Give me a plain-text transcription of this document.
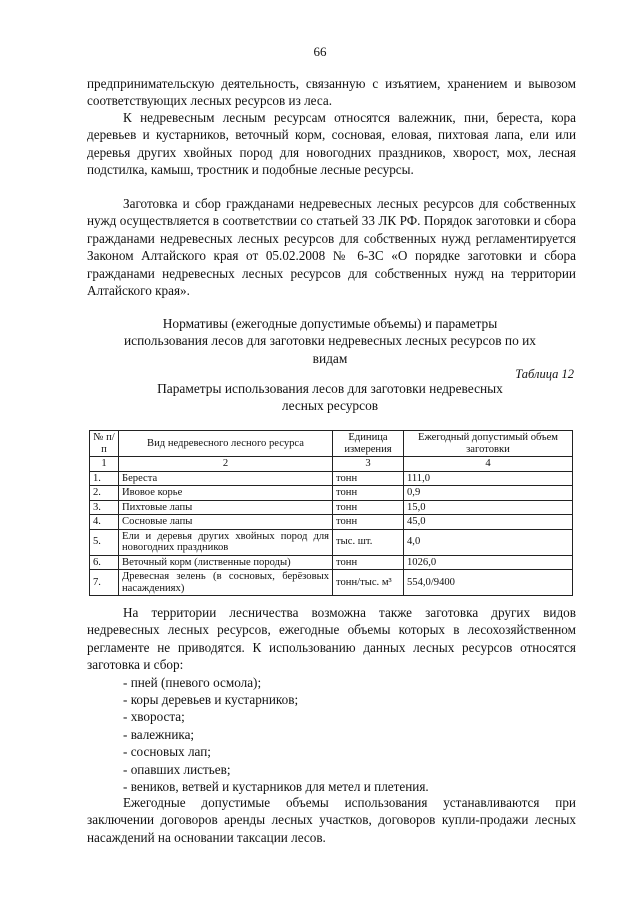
66

предпринимательскую деятельность, связанную с изъятием, хранением и вывозом соответствующих лесных ресурсов из леса.

К недревесным лесным ресурсам относятся валежник, пни, береста, кора деревьев и кустарников, веточный корм, сосновая, еловая, пихтовая лапа, ели или деревья других хвойных пород для новогодних праздников, хворост, мох, лесная подстилка, камыш, тростник и подобные лесные ресурсы.

Заготовка и сбор гражданами недревесных лесных ресурсов для собственных нужд осуществляется в соответствии со статьей 33 ЛК РФ. Порядок заготовки и сбора гражданами недревесных лесных ресурсов для собственных нужд регламентируется Законом Алтайского края от 05.02.2008 № 6-ЗС «О порядке заготовки и сбора гражданами недревесных лесных ресурсов для собственных нужд на территории Алтайского края».

Нормативы (ежегодные допустимые объемы) и параметры использования лесов для заготовки недревесных лесных ресурсов по их видам
Таблица 12
Параметры использования лесов для заготовки недревесных лесных ресурсов
№ п/п	Вид недревесного лесного ресурса	Единица измерения	Ежегодный допустимый объем заготовки
1	2	3	4
1.	Береста	тонн	111,0
2.	Ивовое корье	тонн	0,9
3.	Пихтовые лапы	тонн	15,0
4.	Сосновые лапы	тонн	45,0
5.	Ели и деревья других хвойных пород для новогодних праздников	тыс. шт.	4,0
6.	Веточный корм (лиственные породы)	тонн	1026,0
7.	Древесная зелень (в сосновых, берёзовых насаждениях)	тонн/тыс. м³	554,0/9400

На территории лесничества возможна также заготовка других видов недревесных лесных ресурсов, ежегодные объемы которых в лесохозяйственном регламенте не приводятся. К использованию данных лесных ресурсов относятся заготовка и сбор:

- пней (пневого осмола);
- коры деревьев и кустарников;
- хвороста;
- валежника;
- сосновых лап;
- опавших листьев;
- веников, ветвей и кустарников для метел и плетения.

Ежегодные допустимые объемы использования устанавливаются при заключении договоров аренды лесных участков, договоров купли-продажи лесных насаждений на основании таксации лесов.
